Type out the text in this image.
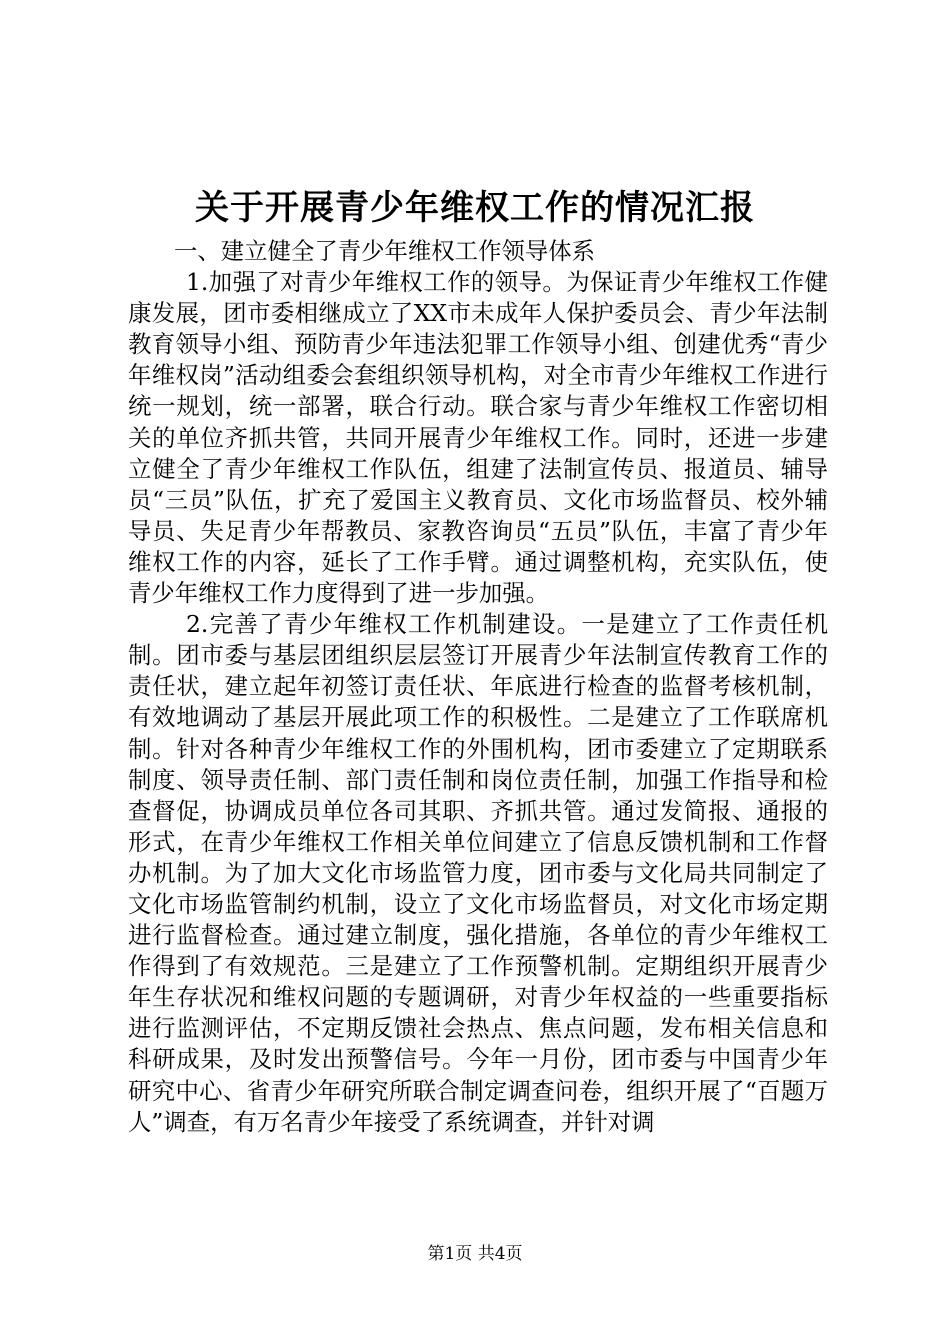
关于开展青少年维权工作的情况汇报

一、建立健全了青少年维权工作领导体系

1.加强了对青少年维权工作的领导。为保证青少年维权工作健康发展，团市委相继成立了XX市未成年人保护委员会、青少年法制教育领导小组、预防青少年违法犯罪工作领导小组、创建优秀“青少年维权岗”活动组委会套组织领导机构，对全市青少年维权工作进行统一规划，统一部署，联合行动。联合家与青少年维权工作密切相关的单位齐抓共管，共同开展青少年维权工作。同时，还进一步建立健全了青少年维权工作队伍，组建了法制宣传员、报道员、辅导员“三员”队伍，扩充了爱国主义教育员、文化市场监督员、校外辅导员、失足青少年帮教员、家教咨询员“五员”队伍，丰富了青少年维权工作的内容，延长了工作手臂。通过调整机构，充实队伍，使青少年维权工作力度得到了进一步加强。

2.完善了青少年维权工作机制建设。一是建立了工作责任机制。团市委与基层团组织层层签订开展青少年法制宣传教育工作的责任状，建立起年初签订责任状、年底进行检查的监督考核机制，有效地调动了基层开展此项工作的积极性。二是建立了工作联席机制。针对各种青少年维权工作的外围机构，团市委建立了定期联系制度、领导责任制、部门责任制和岗位责任制，加强工作指导和检查督促，协调成员单位各司其职、齐抓共管。通过发简报、通报的形式，在青少年维权工作相关单位间建立了信息反馈机制和工作督办机制。为了加大文化市场监管力度，团市委与文化局共同制定了文化市场监管制约机制，设立了文化市场监督员，对文化市场定期进行监督检查。通过建立制度，强化措施，各单位的青少年维权工作得到了有效规范。三是建立了工作预警机制。定期组织开展青少年生存状况和维权问题的专题调研，对青少年权益的一些重要指标进行监测评估，不定期反馈社会热点、焦点问题，发布相关信息和科研成果，及时发出预警信号。今年一月份，团市委与中国青少年研究中心、省青少年研究所联合制定调查问卷，组织开展了“百题万人”调查，有万名青少年接受了系统调查，并针对调

第1页 共4页
